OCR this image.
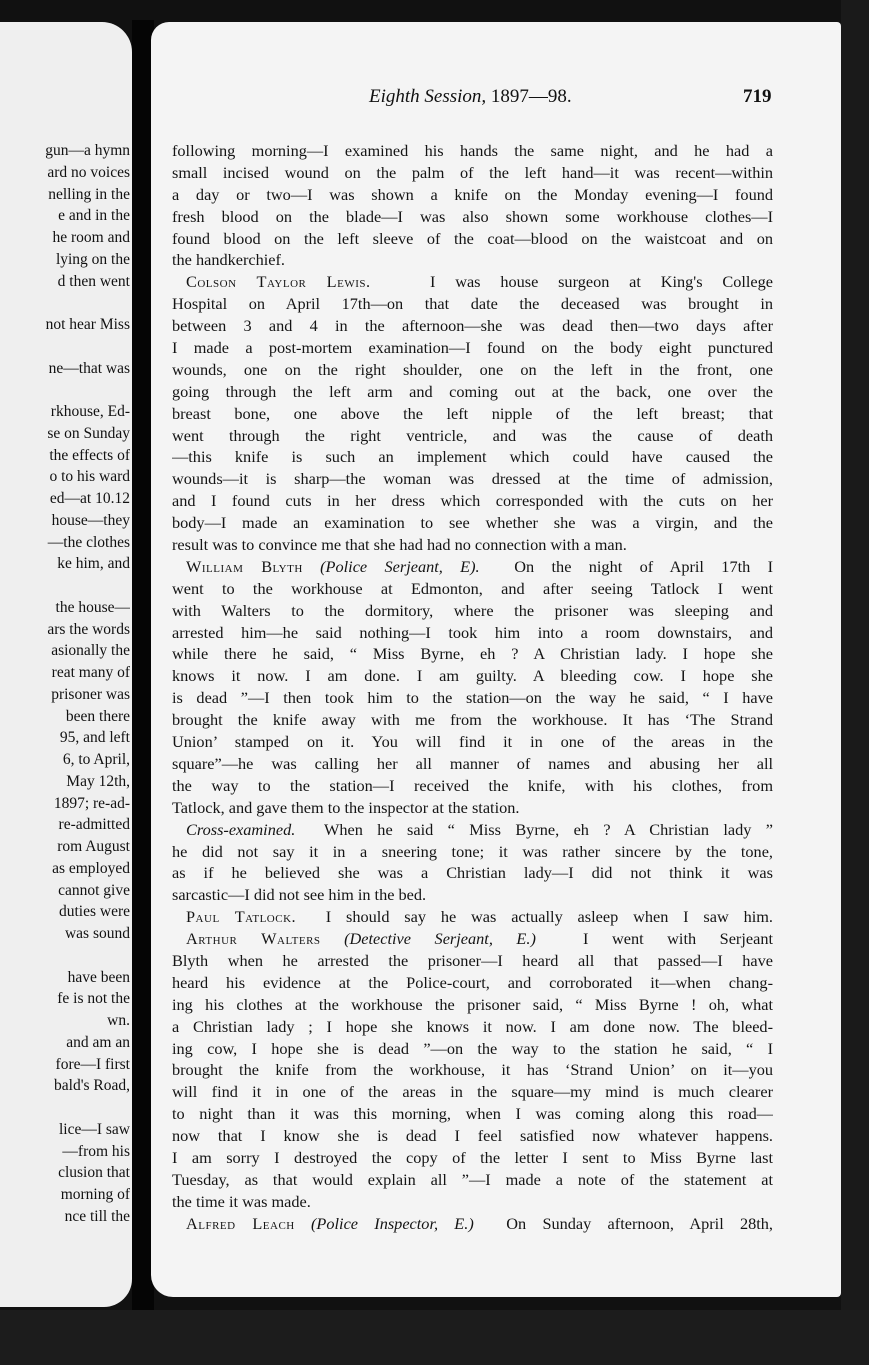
gun—a hymn
ard no voices
nelling in the
e and in the
he room and
lying on the
d then went
not hear Miss
ne—that was
rkhouse, Ed-
se on Sunday
the effects of
o to his ward
ed—at 10.12
house—they
—the clothes
ke him, and
the house—
ars the words
asionally the
reat many of
prisoner was
been there
95, and left
6, to April,
May 12th,
1897; re-ad-
re-admitted
rom August
as employed
cannot give
duties were
was sound
have been
fe is not the
wn.
and am an
fore—I first
bald's Road,
lice—I saw
—from his
clusion that
morning of
nce till the
Eighth Session, 1897—98.	719
following morning—I examined his hands the same night, and he had a
small incised wound on the palm of the left hand—it was recent—within
a day or two—I was shown a knife on the Monday evening—I found
fresh blood on the blade—I was also shown some workhouse clothes—I
found blood on the left sleeve of the coat—blood on the waistcoat and on
the handkerchief.
Colson Taylor Lewis.	I was house surgeon at King's College
Hospital on April 17th—on that date the deceased was brought in
between 3 and 4 in the afternoon—she was dead then—two days after
I made a post-mortem examination—I found on the body eight punctured
wounds, one on the right shoulder, one on the left in the front, one
going through the left arm and coming out at the back, one over the
breast bone, one above the left nipple of the left breast; that
went through the right ventricle, and was the cause of death
—this knife is such an implement which could have caused the
wounds—it is sharp—the woman was dressed at the time of admission,
and I found cuts in her dress which corresponded with the cuts on her
body—I made an examination to see whether she was a virgin, and the
result was to convince me that she had had no connection with a man.
William Blyth (Police Serjeant, E). On the night of April 17th I
went to the workhouse at Edmonton, and after seeing Tatlock I went
with Walters to the dormitory, where the prisoner was sleeping and
arrested him—he said nothing—I took him into a room downstairs, and
while there he said, “ Miss Byrne, eh ? A Christian lady. I hope she
knows it now. I am done. I am guilty. A bleeding cow. I hope she
is dead ”—I then took him to the station—on the way he said, “ I have
brought the knife away with me from the workhouse. It has ‘The Strand
Union’ stamped on it. You will find it in one of the areas in the
square”—he was calling her all manner of names and abusing her all
the way to the station—I received the knife, with his clothes, from
Tatlock, and gave them to the inspector at the station.
Cross-examined. When he said “ Miss Byrne, eh ? A Christian lady ”
he did not say it in a sneering tone; it was rather sincere by the tone,
as if he believed she was a Christian lady—I did not think it was
sarcastic—I did not see him in the bed.
Paul Tatlock. I should say he was actually asleep when I saw him.
Arthur Walters (Detective Serjeant, E.)	I went with Serjeant
Blyth when he arrested the prisoner—I heard all that passed—I have
heard his evidence at the Police-court, and corroborated it—when chang-
ing his clothes at the workhouse the prisoner said, “ Miss Byrne ! oh, what
a Christian lady ; I hope she knows it now. I am done now. The bleed-
ing cow, I hope she is dead ”—on the way to the station he said, “ I
brought the knife from the workhouse, it has ‘Strand Union’ on it—you
will find it in one of the areas in the square—my mind is much clearer
to night than it was this morning, when I was coming along this road—
now that I know she is dead I feel satisfied now whatever happens.
I am sorry I destroyed the copy of the letter I sent to Miss Byrne last
Tuesday, as that would explain all ”—I made a note of the statement at
the time it was made.
Alfred Leach (Police Inspector, E.) On Sunday afternoon, April 28th,
